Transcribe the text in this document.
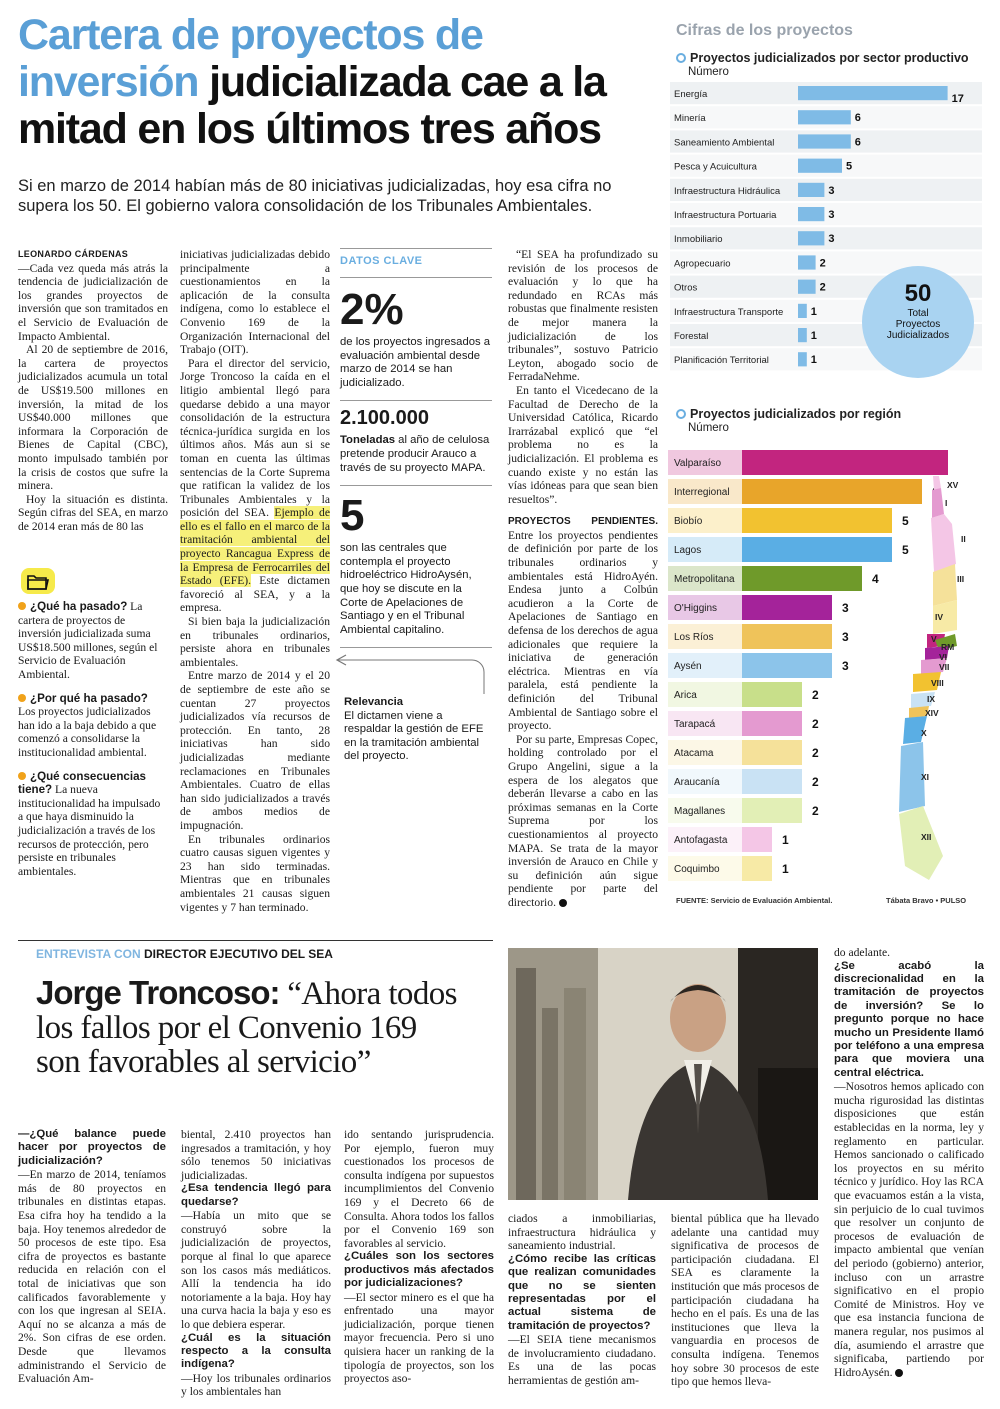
Cartera de proyectos de
inversión judicializada cae a la
mitad en los últimos tres años
Si en marzo de 2014 habían más de 80 iniciativas judicializadas, hoy esa cifra no supera los 50. El gobierno valora consolidación de los Tribunales Ambientales.
LEONARDO CÁRDENAS

—Cada vez queda más atrás la tendencia de judicialización de los grandes proyectos de inversión que son tramitados en el Servicio de Evaluación de Impacto Ambiental.

Al 20 de septiembre de 2016, la cartera de proyectos judicializados acumula un total de US$19.500 millones en inversión, la mitad de los US$40.000 millones que informara la Corporación de Bienes de Capital (CBC), monto impulsado también por la crisis de costos que sufre la minera.

Hoy la situación es distinta. Según cifras del SEA, en marzo de 2014 eran más de 80 las

¿Qué ha pasado? La cartera de proyectos de inversión judicializada suma US$18.500 millones, según el Servicio de Evaluación Ambiental.

¿Por qué ha pasado? Los proyectos judicializados han ido a la baja debido a que comenzó a consolidarse la institucionalidad ambiental.

¿Qué consecuencias tiene? La nueva institucionalidad ha impulsado a que haya disminuido la judicialización a través de los recursos de protección, pero persiste en tribunales ambientales.

iniciativas judicializadas debido principalmente a cuestionamientos en la aplicación de la consulta indígena, como lo establece el Convenio 169 de la Organización Internacional del Trabajo (OIT).

Para el director del servicio, Jorge Troncoso la caída en el litigio ambiental llegó para quedarse debido a una mayor consolidación de la estructura técnica-jurídica surgida en los últimos años. Más aun si se toman en cuenta las últimas sentencias de la Corte Suprema que ratifican la validez de los Tribunales Ambientales y la posición del SEA. Ejemplo de ello es el fallo en el marco de la tramitación ambiental del proyecto Rancagua Express de la Empresa de Ferrocarriles del Estado (EFE). Este dictamen favoreció al SEA, y a la empresa.

Si bien baja la judicialización en tribunales ordinarios, persiste ahora en tribunales ambientales.

Entre marzo de 2014 y el 20 de septiembre de este año se cuentan 27 proyectos judicializados vía recursos de protección. En tanto, 28 iniciativas han sido judicializadas mediante reclamaciones en Tribunales Ambientales. Cuatro de ellas han sido judicializados a través de ambos medios de impugnación.

En tribunales ordinarios cuatro causas siguen vigentes y 23 han sido terminadas. Mientras que en tribunales ambientales 21 causas siguen vigentes y 7 han terminado.

DATOS CLAVE
2%
de los proyectos ingresados a evaluación ambiental desde marzo de 2014 se han judicializado.
2.100.000
Toneladas al año de celulosa pretende producir Arauco a través de su proyecto MAPA.
5
son las centrales que contempla el proyecto hidroeléctrico HidroAysén, que hoy se discute en la Corte de Apelaciones de Santiago y en el Tribunal Ambiental capitalino.
Relevancia
El dictamen viene a respaldar la gestión de EFE en la tramitación ambiental del proyecto.

“El SEA ha profundizado su revisión de los procesos de evaluación y lo que ha redundado en RCAs más robustas que finalmente resisten de mejor manera la judicialización de los tribunales”, sostuvo Patricio Leyton, abogado socio de FerradaNehme.

En tanto el Vicedecano de la Facultad de Derecho de la Universidad Católica, Ricardo Irarrázabal explicó que “el problema no es la judicialización. El problema es cuando existe y no están las vías idóneas para que sean bien resueltos”.

PROYECTOS PENDIENTES. Entre los proyectos pendientes de definición por parte de los tribunales ordinarios y ambientales está HidroAyén. Endesa junto a Colbún acudieron a la Corte de Apelaciones de Santiago en defensa de los derechos de agua adicionales que requiere la iniciativa de generación eléctrica. Mientras en vía paralela, está pendiente la definición del Tribunal Ambiental de Santiago sobre el proyecto.

Por su parte, Empresas Copec, holding controlado por el Grupo Angelini, sigue a la espera de los alegatos que deberán llevarse a cabo en las próximas semanas en la Corte Suprema por los cuestionamientos al proyecto MAPA. Se trata de la mayor inversión de Arauco en Chile y su definición aún sigue pendiente por parte del directorio.

Cifras de los proyectos
Proyectos judicializados por sector productivo
Número
Energía	17
Minería	6
Saneamiento Ambiental	6
Pesca y Acuicultura	5
Infraestructura Hidráulica	3
Infraestructura Portuaria	3
Inmobiliario	3
Agropecuario	2
Otros	2
Infraestructura Transporte 1
Forestal	1
Planificación Territorial	1
50
Total
Proyectos
Judicializados
Proyectos judicializados por región
Número
Valparaíso
Interregional
Biobío	5
Lagos	5
Metropolitana	4
O'Higgins	3
Los Ríos	3
Aysén	3
Arica	2
Tarapacá	2
Atacama	2
Araucanía	2
Magallanes	2
Antofagasta	1
Coquimbo	1
XV
I
II
III
IV
V
RM
VI
VII
VIII
IX
XIV
X
XI
XII
FUENTE: Servicio de Evaluación Ambiental.	Tábata Bravo • PULSO
ENTREVISTA CON DIRECTOR EJECUTIVO DEL SEA
Jorge Troncoso: “Ahora todos
los fallos por el Convenio 169
son favorables al servicio”

—¿Qué balance puede hacer por proyectos de judicialización?

—En marzo de 2014, teníamos más de 80 proyectos en tribunales en distintas etapas. Esa cifra hoy ha tendido a la baja. Hoy tenemos alrededor de 50 procesos de este tipo. Esa cifra de proyectos es bastante reducida en relación con el total de iniciativas que son calificados favorablemente y con los que ingresan al SEIA. Aquí no se alcanza a más de 2%. Son cifras de ese orden. Desde que llevamos administrando el Servicio de Evaluación Am-

biental, 2.410 proyectos han ingresados a tramitación, y hoy sólo tenemos 50 iniciativas judicializadas.

¿Esa tendencia llegó para quedarse?

—Había un mito que se construyó sobre la judicialización de proyectos, porque al final lo que aparece son los casos más mediáticos. Allí la tendencia ha ido notoriamente a la baja. Hoy hay una curva hacia la baja y eso es lo que debiera esperar.

¿Cuál es la situación respecto a la consulta indígena?

—Hoy los tribunales ordinarios y los ambientales han

ido sentando jurisprudencia. Por ejemplo, fueron muy cuestionados los procesos de consulta indígena por supuestos incumplimientos del Convenio 169 y el Decreto 66 de Consulta. Ahora todos los fallos por el Convenio 169 son favorables al servicio.

¿Cuáles son los sectores productivos más afectados por judicializaciones?

—El sector minero es el que ha enfrentado una mayor judicialización, porque tienen mayor frecuencia. Pero si uno quisiera hacer un ranking de la tipología de proyectos, son los proyectos aso-

ciados a inmobiliarias, infraestructura hidráulica y saneamiento industrial.

¿Cómo recibe las críticas que realizan comunidades que no se sienten representadas por el actual sistema de tramitación de proyectos?

—El SEIA tiene mecanismos de involucramiento ciudadano. Es una de las pocas herramientas de gestión am-

biental pública que ha llevado adelante una cantidad muy significativa de procesos de participación ciudadana. El SEA es claramente la institución que más procesos de participación ciudadana ha hecho en el país. Es una de las instituciones que lleva la vanguardia en procesos de consulta indígena. Tenemos hoy sobre 30 procesos de este tipo que hemos lleva-

do adelante.

¿Se acabó la discrecionalidad en la tramitación de proyectos de inversión? Se lo pregunto porque no hace mucho un Presidente llamó por teléfono a una empresa para que moviera una central eléctrica.

—Nosotros hemos aplicado con mucha rigurosidad las distintas disposiciones que están establecidas en la norma, ley y reglamento en particular. Hemos sancionado o calificado los proyectos en su mérito técnico y jurídico. Hoy las RCA que evacuamos están a la vista, sin perjuicio de lo cual tuvimos que resolver un conjunto de procesos de evaluación de impacto ambiental que venían del periodo (gobierno) anterior, incluso con un arrastre significativo en el propio Comité de Ministros. Hoy ve que esa instancia funciona de manera regular, nos pusimos al día, asumiendo el arrastre que significaba, partiendo por HidroAysén.
